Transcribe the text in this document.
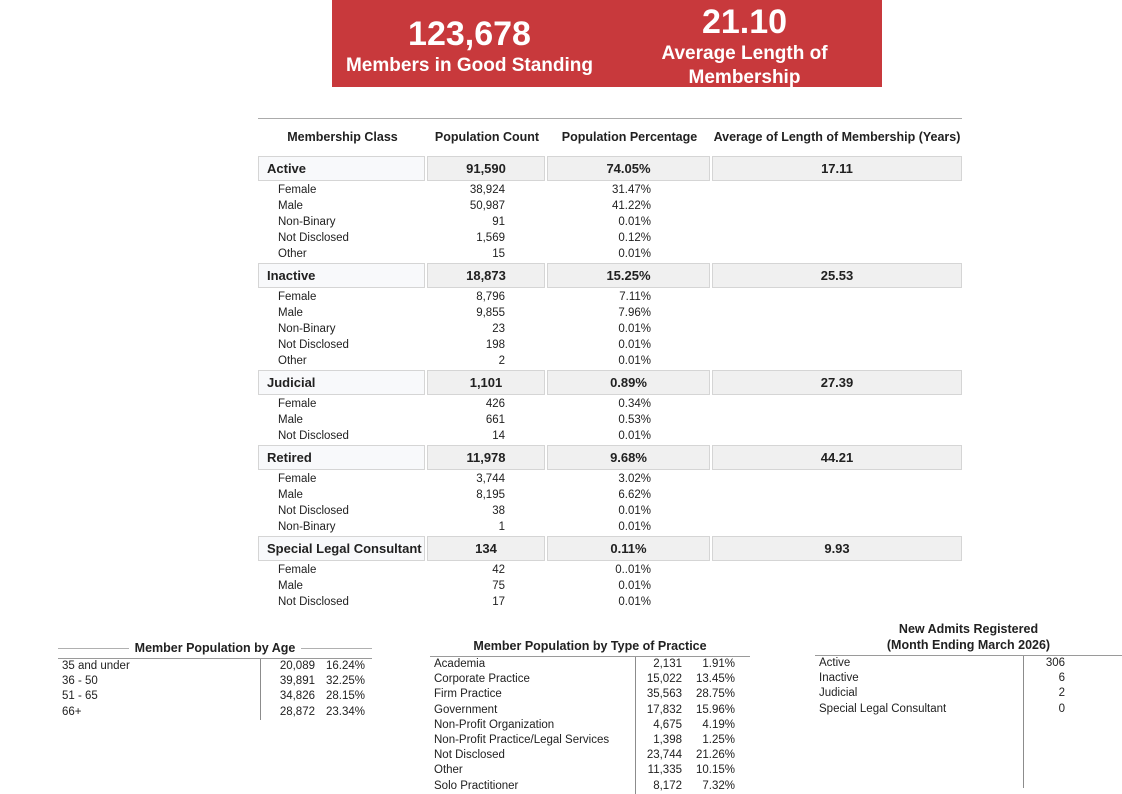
123,678
Members in Good Standing
21.10
Average Length of Membership
Membership Class	Population Count	Population Percentage	Average of Length of Membership (Years)
Active	91,590	74.05%	17.11
Female	38,924	31.47%
Male	50,987	41.22%
Non-Binary	91	0.01%
Not Disclosed	1,569	0.12%
Other	15	0.01%
Inactive	18,873	15.25%	25.53
Female	8,796	7.11%
Male	9,855	7.96%
Non-Binary	23	0.01%
Not Disclosed	198	0.01%
Other	2	0.01%
Judicial	1,101	0.89%	27.39
Female	426	0.34%
Male	661	0.53%
Not Disclosed	14	0.01%
Retired	11,978	9.68%	44.21
Female	3,744	3.02%
Male	8,195	6.62%
Not Disclosed	38	0.01%
Non-Binary	1	0.01%
Special Legal Consultant	134	0.11%	9.93
Female	42	0..01%
Male	75	0.01%
Not Disclosed	17	0.01%
Member Population by Age
35 and under	20,089 16.24%
36 - 50	39,891 32.25%
51 - 65	34,826 28.15%
66+	28,872 23.34%
Member Population by Type of Practice
Academia	2,131	1.91%
Corporate Practice	15,022	13.45%
Firm Practice	35,563	28.75%
Government	17,832	15.96%
Non-Profit Organization	4,675	4.19%
Non-Profit Practice/Legal Services	1,398	1.25%
Not Disclosed	23,744	21.26%
Other	11,335	10.15%
Solo Practitioner	8,172	7.32%
New Admits Registered
(Month Ending March 2026)
Active	306
Inactive	6
Judicial	2
Special Legal Consultant	0
